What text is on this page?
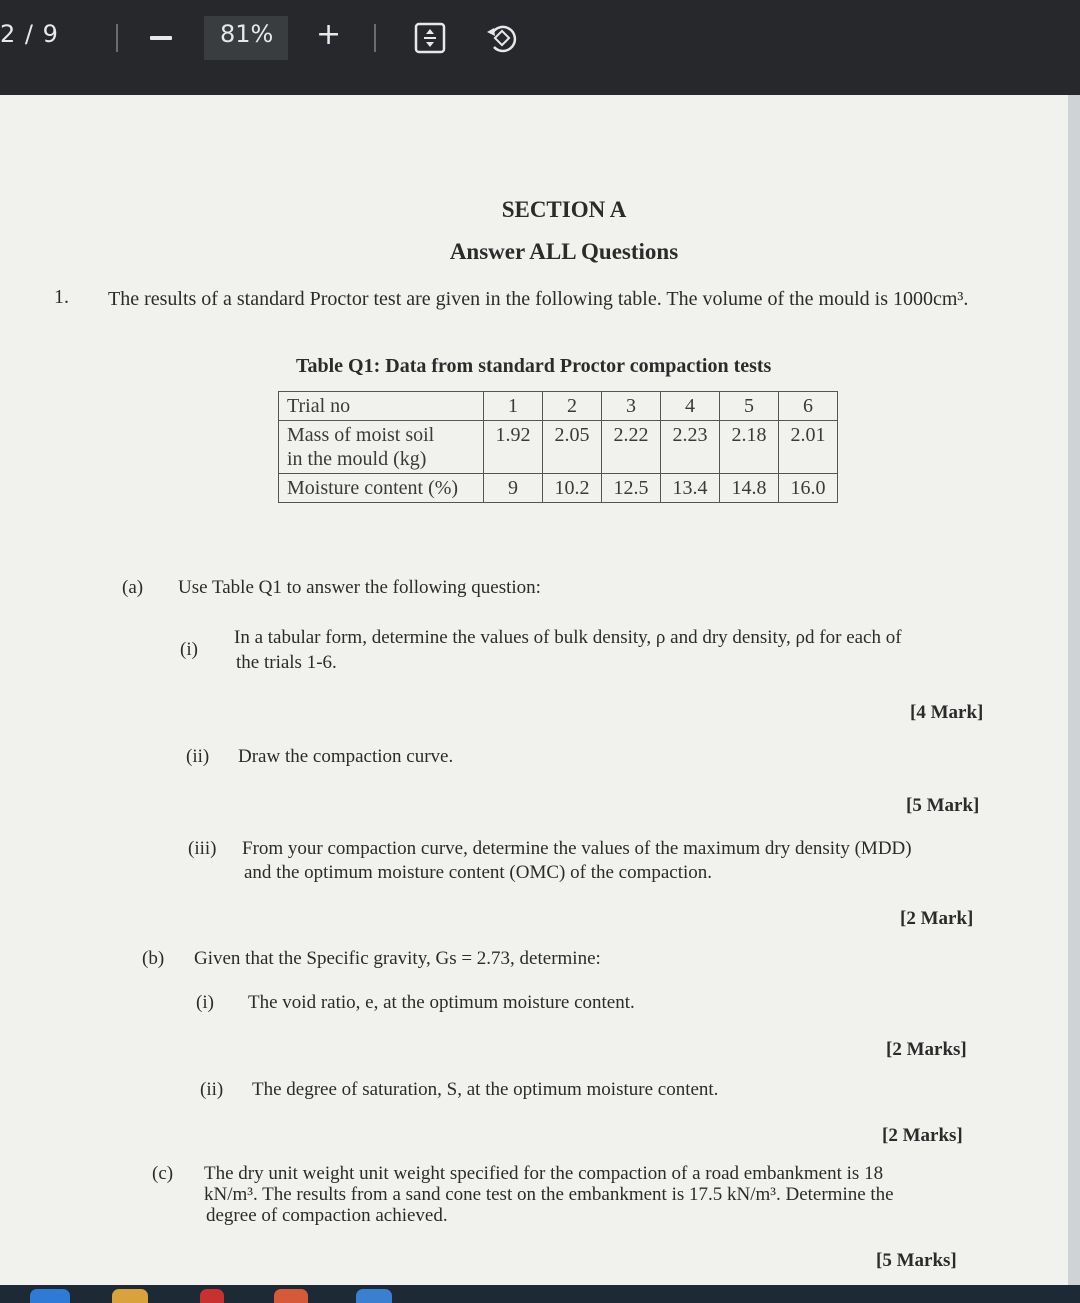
2 / 9	81% +
SECTION A
Answer ALL Questions
1. The results of a standard Proctor test are given in the following table. The volume of the mould is 1000cm³.
Table Q1: Data from standard Proctor compaction tests
Trial no	1	2	3	4	5	6

Mass of moist soil
in the mould (kg)	1.92	2.05	2.22	2.23	2.18	2.01
Moisture content (%)	9	10.2	12.5	13.4	14.8	16.0
(a) Use Table Q1 to answer the following question:
(i)
In a tabular form, determine the values of bulk density, ρ and dry density, ρd for each of
the trials 1-6.
[4 Mark]
(ii) Draw the compaction curve.
[5 Mark]
(iii) From your compaction curve, determine the values of the maximum dry density (MDD)
and the optimum moisture content (OMC) of the compaction.
[2 Mark]
(b) Given that the Specific gravity, Gs = 2.73, determine:
(i) The void ratio, e, at the optimum moisture content.
[2 Marks]
(ii) The degree of saturation, S, at the optimum moisture content.
[2 Marks]
(c) The dry unit weight unit weight specified for the compaction of a road embankment is 18
kN/m³. The results from a sand cone test on the embankment is 17.5 kN/m³. Determine the
degree of compaction achieved.
[5 Marks]
